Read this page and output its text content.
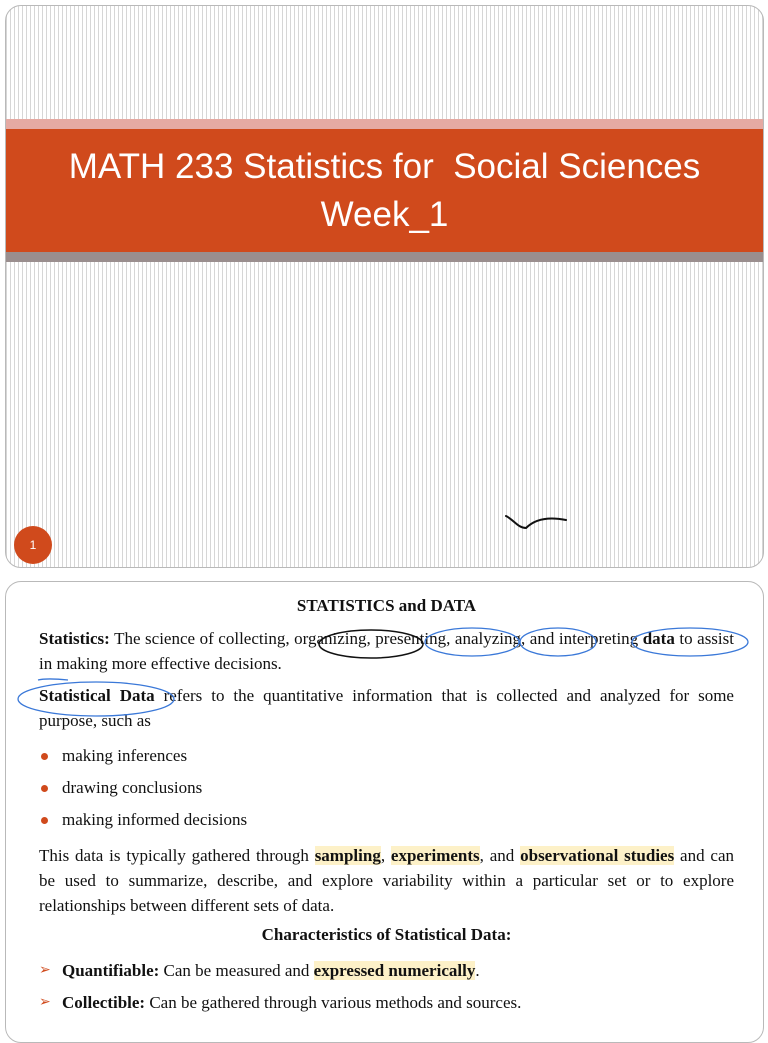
MATH 233 Statistics for  Social Sciences
Week_1
1
STATISTICS and DATA

Statistics: The science of collecting, organizing, presenting, analyzing, and interpreting data to assist in making more effective decisions.

Statistical Data refers to the quantitative information that is collected and analyzed for some purpose, such as

making inferences
drawing conclusions
making informed decisions

This data is typically gathered through sampling, experiments, and observational studies and can be used to summarize, describe, and explore variability within a particular set or to explore relationships between different sets of data.

Characteristics of Statistical Data:
➢ Quantifiable: Can be measured and expressed numerically.
➢ Collectible: Can be gathered through various methods and sources.
